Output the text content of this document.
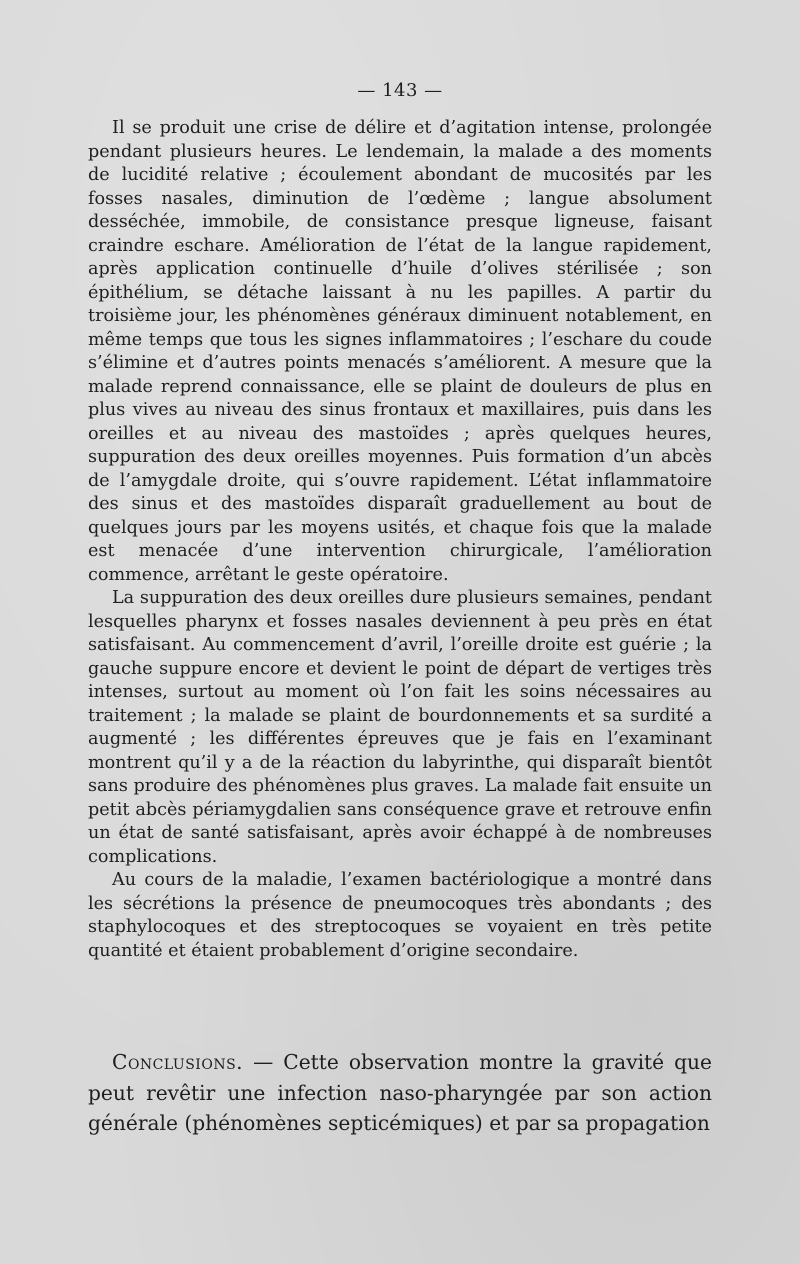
— 143 —

Il se produit une crise de délire et d’agitation intense, prolongée pendant plusieurs heures. Le lendemain, la malade a des moments de lucidité relative ; écoulement abondant de mucosités par les fosses nasales, diminution de l’œdème ; langue absolument desséchée, immobile, de consistance presque ligneuse, faisant craindre eschare. Amélioration de l’état de la langue rapidement, après application continuelle d’huile d’olives stérilisée ; son épithélium, se détache laissant à nu les papilles. A partir du troisième jour, les phénomènes généraux diminuent notablement, en même temps que tous les signes inflammatoires ; l’eschare du coude s’élimine et d’autres points menacés s’améliorent. A mesure que la malade reprend connaissance, elle se plaint de douleurs de plus en plus vives au niveau des sinus frontaux et maxillaires, puis dans les oreilles et au niveau des mastoïdes ; après quelques heures, suppuration des deux oreilles moyennes. Puis formation d’un abcès de l’amygdale droite, qui s’ouvre rapidement. L’état inflammatoire des sinus et des mastoïdes disparaît graduellement au bout de quelques jours par les moyens usités, et chaque fois que la malade est menacée d’une intervention chirurgicale, l’amélioration commence, arrêtant le geste opératoire.

La suppuration des deux oreilles dure plusieurs semaines, pendant lesquelles pharynx et fosses nasales deviennent à peu près en état satisfaisant. Au commencement d’avril, l’oreille droite est guérie ; la gauche suppure encore et devient le point de départ de vertiges très intenses, surtout au moment où l’on fait les soins nécessaires au traitement ; la malade se plaint de bourdonnements et sa surdité a augmenté ; les différentes épreuves que je fais en l’examinant montrent qu’il y a de la réaction du labyrinthe, qui disparaît bientôt sans produire des phénomènes plus graves. La malade fait ensuite un petit abcès périamygdalien sans conséquence grave et retrouve enfin un état de santé satisfaisant, après avoir échappé à de nombreuses complications.

Au cours de la maladie, l’examen bactériologique a montré dans les sécrétions la présence de pneumocoques très abondants ; des staphylocoques et des streptocoques se voyaient en très petite quantité et étaient probablement d’origine secondaire.

Conclusions. — Cette observation montre la gravité que peut revêtir une infection naso-pharyngée par son action générale (phénomènes septicémiques) et par sa propagation
